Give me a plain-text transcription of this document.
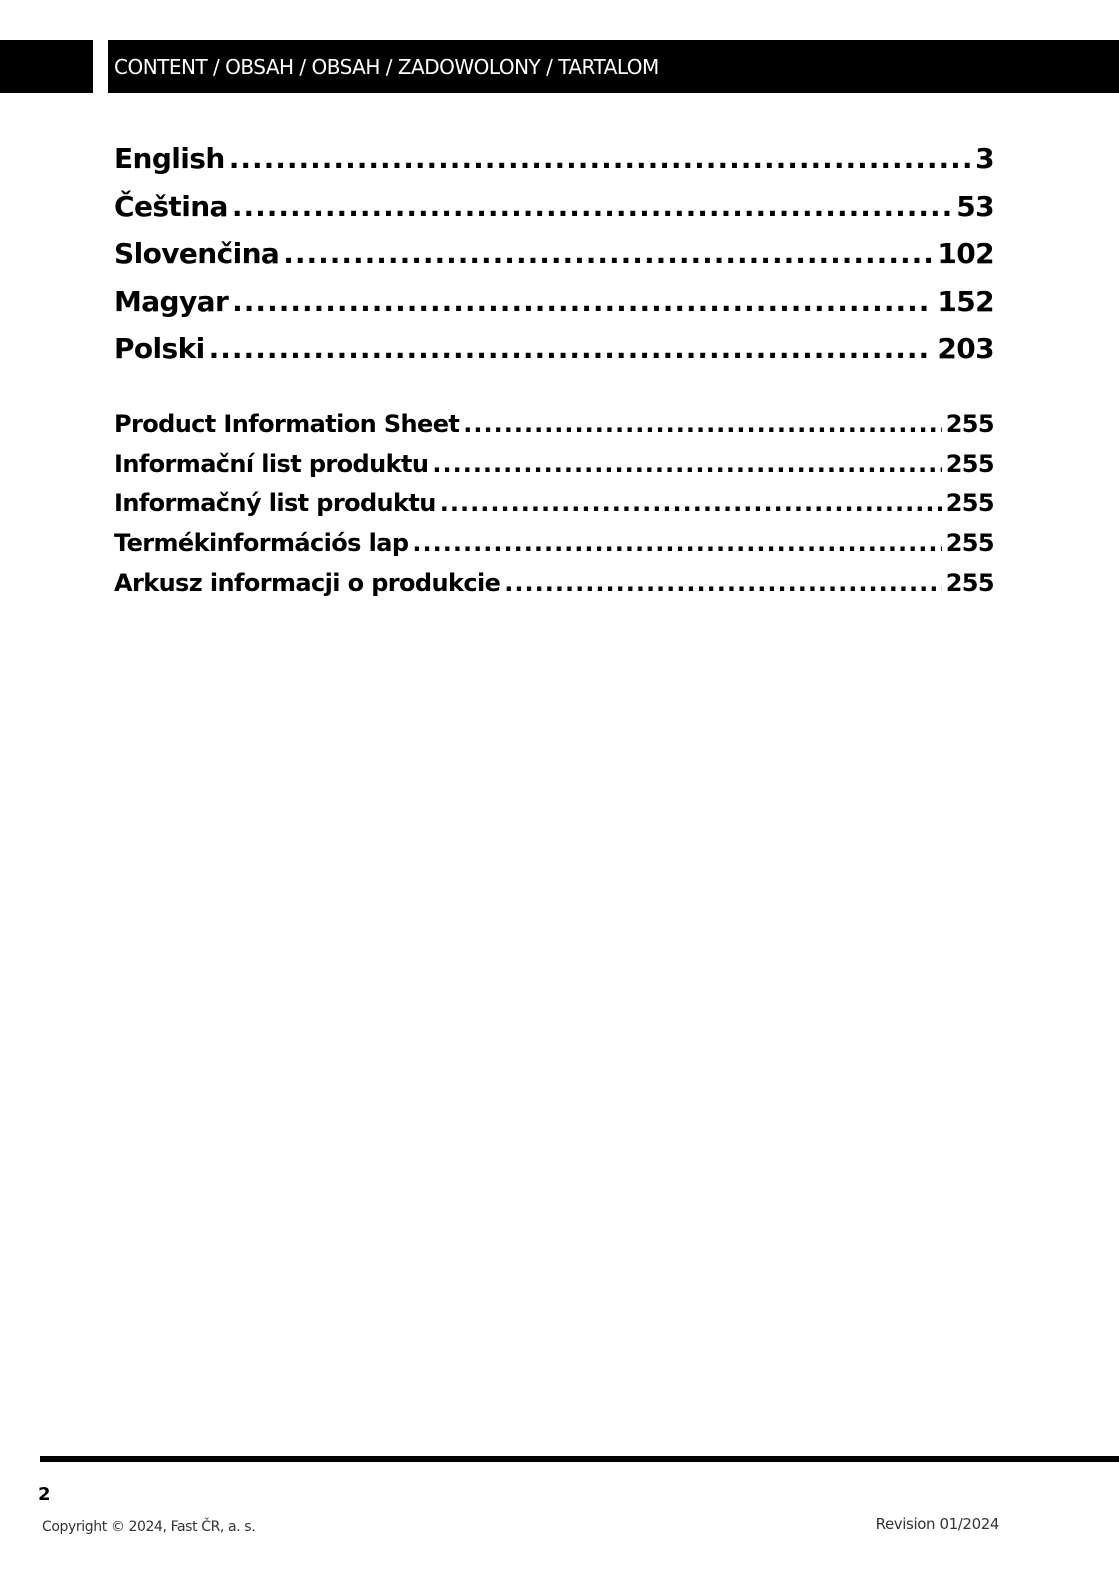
CONTENT / OBSAH / OBSAH / ZADOWOLONY / TARTALOM
English .....	3
Čeština .....	53
Slovenčina .....	102
Magyar .....	152
Polski .....	203
Product Information Sheet .....	255
Informační list produktu .....	255
Informačný list produktu .....	255
Termékinformációs lap .....	255
Arkusz informacji o produkcie .....	255
2
Copyright © 2024, Fast ČR, a. s.	Revision 01/2024
